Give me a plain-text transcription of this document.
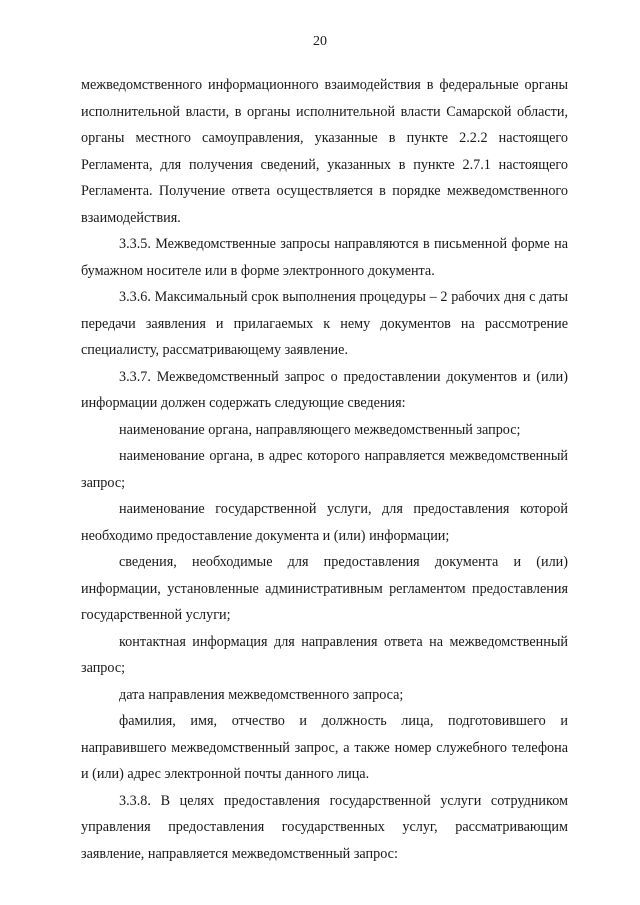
20

межведомственного информационного взаимодействия в федеральные органы исполнительной власти, в органы исполнительной власти Самарской области, органы местного самоуправления, указанные в пункте 2.2.2 настоящего Регламента, для получения сведений, указанных в пункте 2.7.1 настоящего Регламента. Получение ответа осуществляется в порядке межведомственного взаимодействия.

3.3.5. Межведомственные запросы направляются в письменной форме на бумажном носителе или в форме электронного документа.

3.3.6. Максимальный срок выполнения процедуры – 2 рабочих дня с даты передачи заявления и прилагаемых к нему документов на рассмотрение специалисту, рассматривающему заявление.

3.3.7. Межведомственный запрос о предоставлении документов и (или) информации должен содержать следующие сведения:

наименование органа, направляющего межведомственный запрос;

наименование органа, в адрес которого направляется межведомственный запрос;

наименование государственной услуги, для предоставления которой необходимо предоставление документа и (или) информации;

сведения, необходимые для предоставления документа и (или) информации, установленные административным регламентом предоставления государственной услуги;

контактная информация для направления ответа на межведомственный запрос;

дата направления межведомственного запроса;

фамилия, имя, отчество и должность лица, подготовившего и направившего межведомственный запрос, а также номер служебного телефона и (или) адрес электронной почты данного лица.

3.3.8. В целях предоставления государственной услуги сотрудником управления предоставления государственных услуг, рассматривающим заявление, направляется межведомственный запрос:
